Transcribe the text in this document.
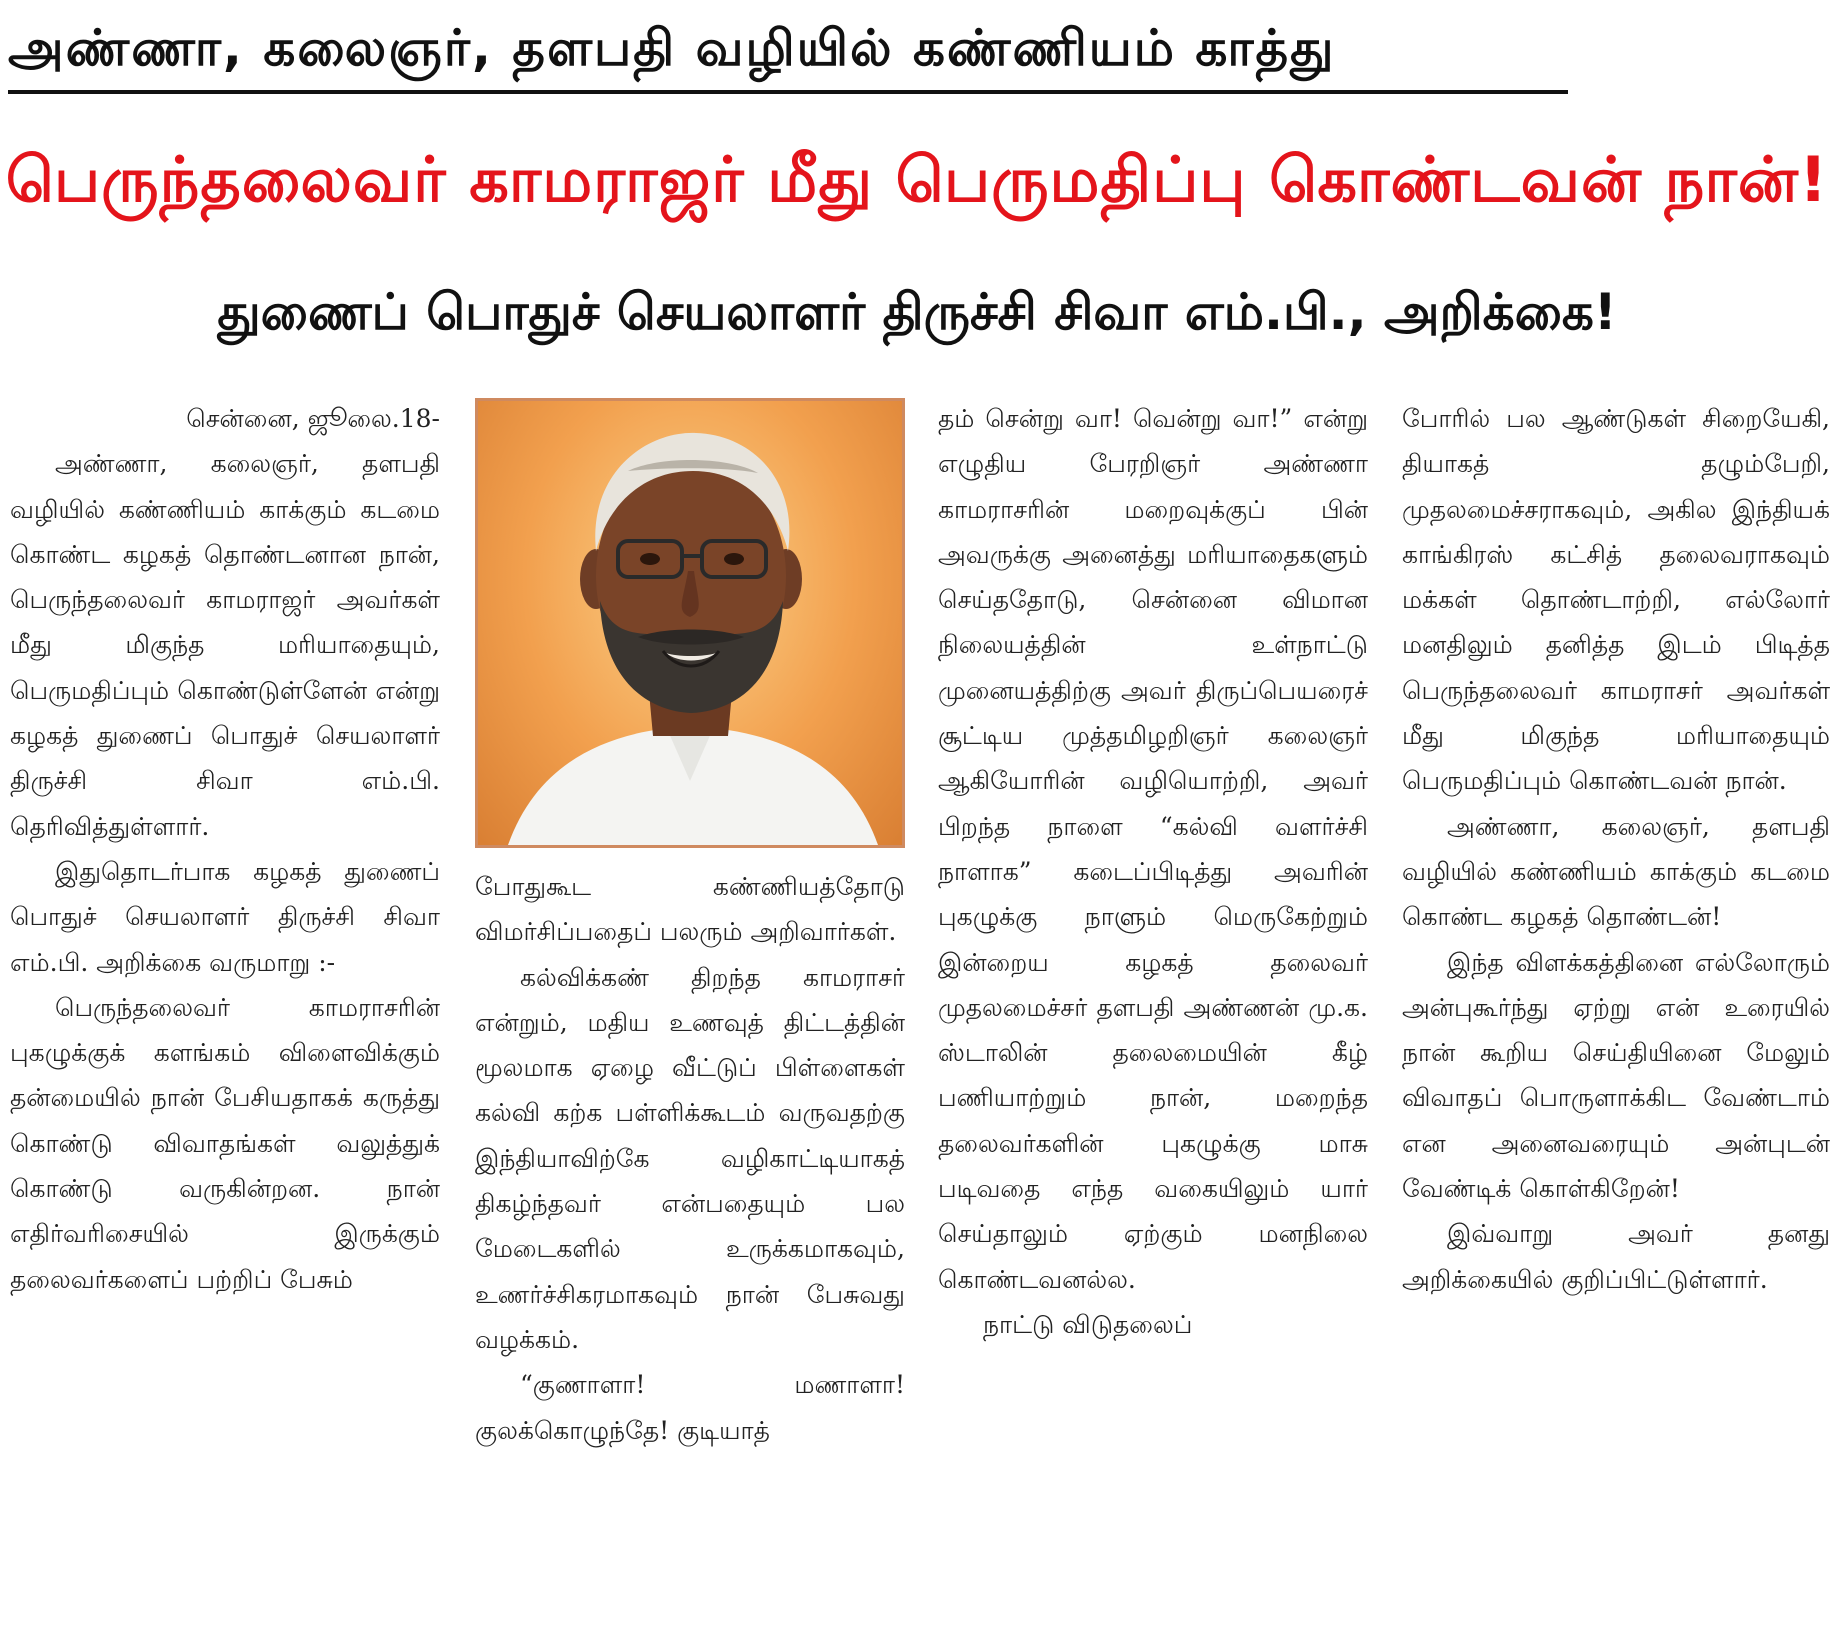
அண்ணா, கலைஞர், தளபதி வழியில் கண்ணியம் காத்து
பெருந்தலைவர் காமராஜர் மீது பெருமதிப்பு கொண்டவன் நான்!
துணைப் பொதுச் செயலாளர் திருச்சி சிவா எம்.பி., அறிக்கை!

சென்னை, ஜூலை.18-

அண்ணா, கலைஞர், தளபதி வழியில் கண்ணியம் காக்கும் கடமை கொண்ட கழகத் தொண்டனான நான், பெருந்தலைவர் காமராஜர் அவர்கள் மீது மிகுந்த மரியாதையும், பெருமதிப்பும் கொண்டுள்ளேன் என்று கழகத் துணைப் பொதுச் செயலாளர் திருச்சி சிவா எம்.பி. தெரிவித்துள்ளார்.

இதுதொடர்பாக கழகத் துணைப் பொதுச் செயலாளர் திருச்சி சிவா எம்.பி. அறிக்கை வருமாறு :-

பெருந்தலைவர் காமராசரின் புகழுக்குக் களங்கம் விளைவிக்கும் தன்மையில் நான் பேசியதாகக் கருத்து கொண்டு விவாதங்கள் வலுத்துக் கொண்டு வருகின்றன. நான் எதிர்வரிசையில் இருக்கும் தலைவர்களைப் பற்றிப் பேசும்

போதுகூட கண்ணியத்தோடு விமர்சிப்பதைப் பலரும் அறிவார்கள்.

கல்விக்கண் திறந்த காமராசர் என்றும், மதிய உணவுத் திட்டத்தின் மூலமாக ஏழை வீட்டுப் பிள்ளைகள் கல்வி கற்க பள்ளிக்கூடம் வருவதற்கு இந்தியாவிற்கே வழிகாட்டியாகத் திகழ்ந்தவர் என்பதையும் பல மேடைகளில் உருக்கமாகவும், உணர்ச்சிகரமாகவும் நான் பேசுவது வழக்கம்.

“குணாளா! மணாளா! குலக்கொழுந்தே! குடியாத்

தம் சென்று வா! வென்று வா!” என்று எழுதிய பேரறிஞர் அண்ணா காமராசரின் மறைவுக்குப் பின் அவருக்கு அனைத்து மரியாதைகளும் செய்ததோடு, சென்னை விமான நிலையத்தின் உள்நாட்டு முனையத்திற்கு அவர் திருப்பெயரைச் சூட்டிய முத்தமிழறிஞர் கலைஞர் ஆகியோரின் வழியொற்றி, அவர் பிறந்த நாளை “கல்வி வளர்ச்சி நாளாக” கடைப்பிடித்து அவரின் புகழுக்கு நாளும் மெருகேற்றும் இன்றைய கழகத் தலைவர் முதலமைச்சர் தளபதி அண்ணன் மு.க. ஸ்டாலின் தலைமையின் கீழ் பணியாற்றும் நான், மறைந்த தலைவர்களின் புகழுக்கு மாசு படிவதை எந்த வகையிலும் யார் செய்தாலும் ஏற்கும் மனநிலை கொண்டவனல்ல.

நாட்டு விடுதலைப்

போரில் பல ஆண்டுகள் சிறையேகி, தியாகத் தழும்பேறி, முதலமைச்சராகவும், அகில இந்தியக் காங்கிரஸ் கட்சித் தலைவராகவும் மக்கள் தொண்டாற்றி, எல்லோர் மனதிலும் தனித்த இடம் பிடித்த பெருந்தலைவர் காமராசர் அவர்கள் மீது மிகுந்த மரியாதையும் பெருமதிப்பும் கொண்டவன் நான்.

அண்ணா, கலைஞர், தளபதி வழியில் கண்ணியம் காக்கும் கடமை கொண்ட கழகத் தொண்டன்!

இந்த விளக்கத்தினை எல்லோரும் அன்புகூர்ந்து ஏற்று என் உரையில் நான் கூறிய செய்தியினை மேலும் விவாதப் பொருளாக்கிட வேண்டாம் என அனைவரையும் அன்புடன் வேண்டிக் கொள்கிறேன்!

இவ்வாறு அவர் தனது அறிக்கையில் குறிப்பிட்டுள்ளார்.
